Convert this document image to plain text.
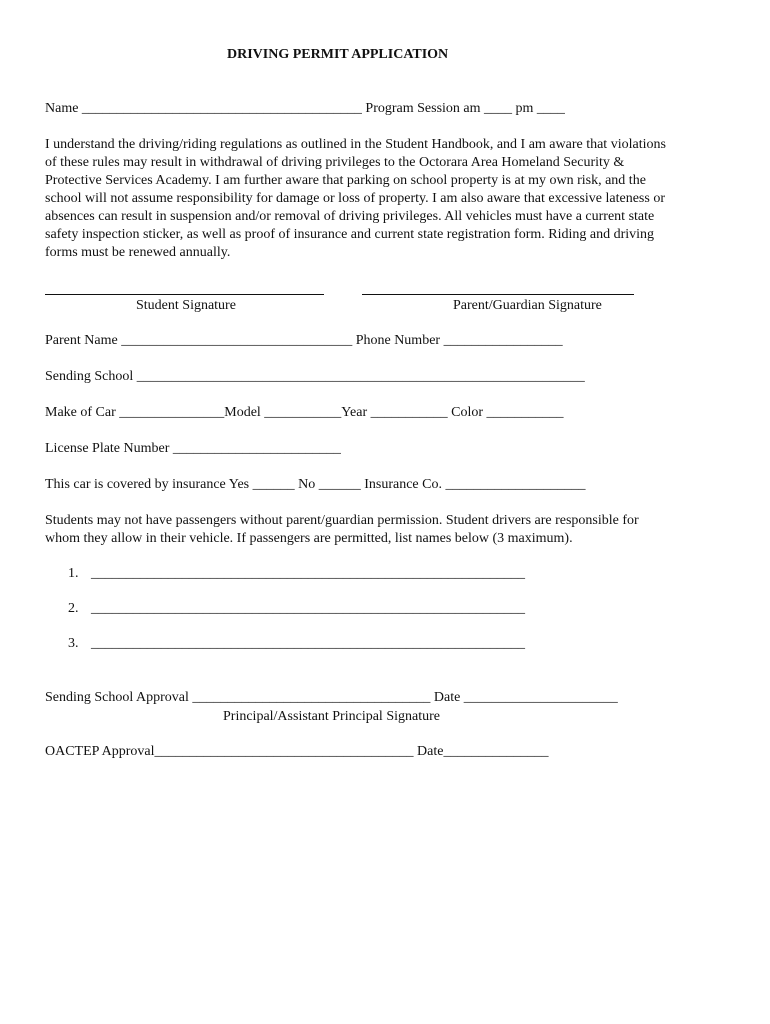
DRIVING PERMIT APPLICATION
Name ________________________________________ Program Session am ____ pm ____
I understand the driving/riding regulations as outlined in the Student Handbook, and I am aware that violations
of these rules may result in withdrawal of driving privileges to the Octorara Area Homeland Security &
Protective Services Academy. I am further aware that parking on school property is at my own risk, and the
school will not assume responsibility for damage or loss of property. I am also aware that excessive lateness or
absences can result in suspension and/or removal of driving privileges. All vehicles must have a current state
safety inspection sticker, as well as proof of insurance and current state registration form. Riding and driving
forms must be renewed annually.
Student Signature	Parent/Guardian Signature
Parent Name _________________________________ Phone Number _________________
Sending School ________________________________________________________________
Make of Car _______________Model ___________Year ___________ Color ___________
License Plate Number ________________________
This car is covered by insurance Yes ______ No ______ Insurance Co. ____________________
Students may not have passengers without parent/guardian permission. Student drivers are responsible for
whom they allow in their vehicle. If passengers are permitted, list names below (3 maximum).
1. ______________________________________________________________
2. ______________________________________________________________
3. ______________________________________________________________
Sending School Approval __________________________________ Date ______________________
Principal/Assistant Principal Signature
OACTEP Approval_____________________________________ Date_______________
